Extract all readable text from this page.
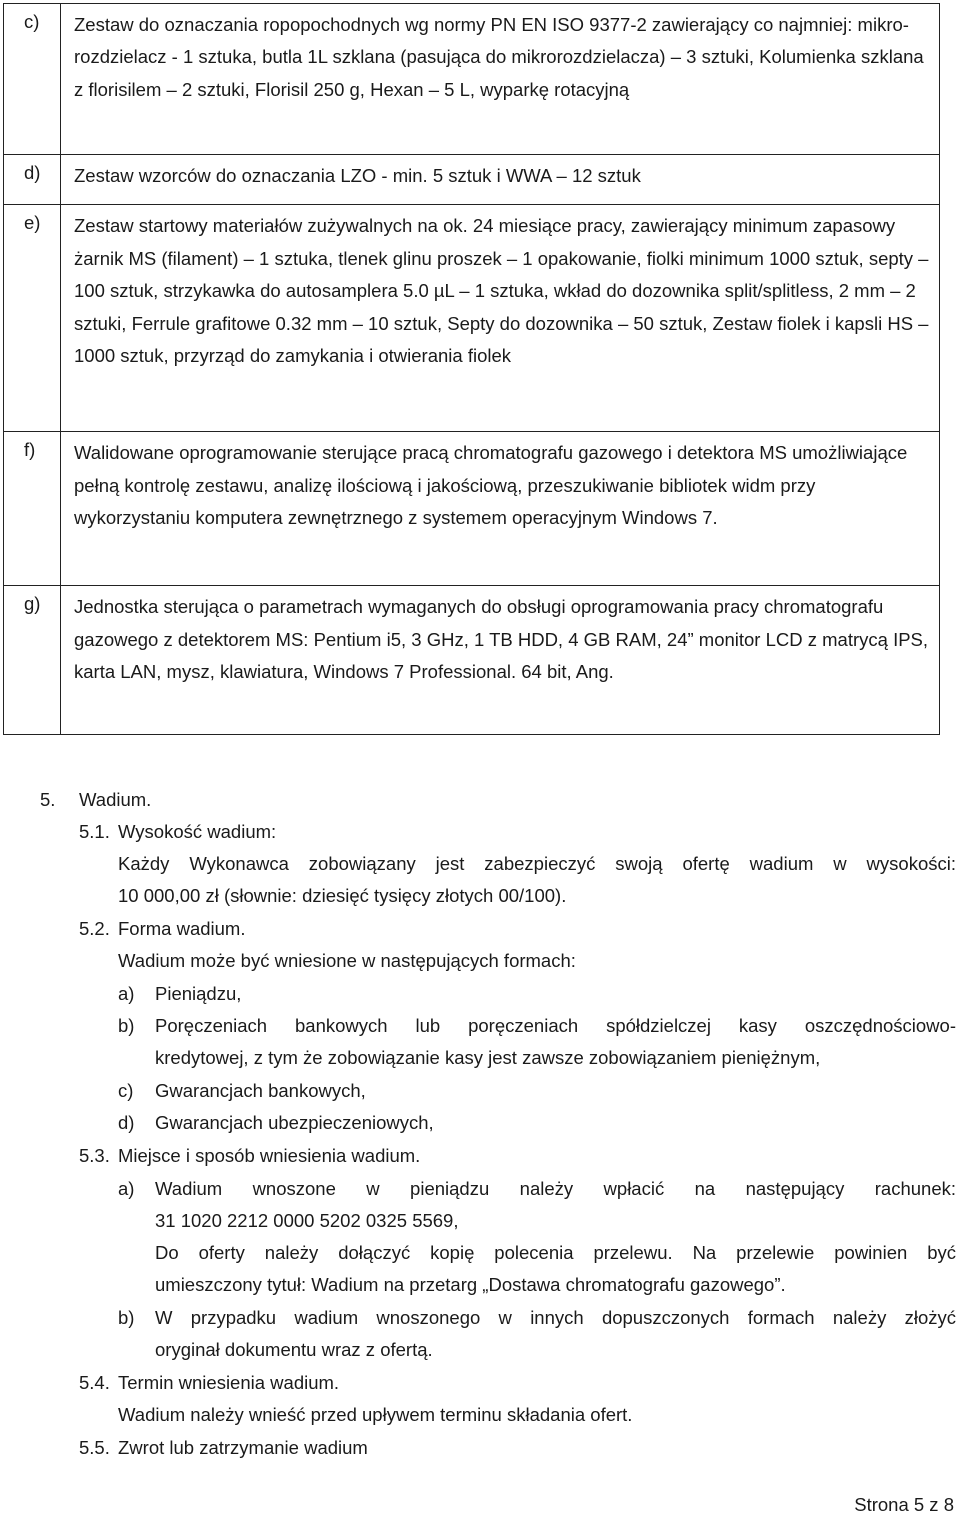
c)	Zestaw do oznaczania ropopochodnych wg normy PN EN ISO 9377-2 zawierający co najmniej: mikro-rozdzielacz - 1 sztuka, butla 1L szklana (pasująca do mikrorozdzielacza) – 3 sztuki, Kolumienka szklana z florisilem – 2 sztuki, Florisil 250 g, Hexan – 5 L, wyparkę rotacyjną
d)	Zestaw wzorców do oznaczania LZO - min. 5 sztuk i WWA – 12 sztuk
e)	Zestaw startowy materiałów zużywalnych na ok. 24 miesiące pracy, zawierający minimum zapasowy żarnik MS (filament) – 1 sztuka, tlenek glinu proszek – 1 opakowanie, fiolki minimum 1000 sztuk, septy – 100 sztuk, strzykawka do autosamplera 5.0 µL – 1 sztuka, wkład do dozownika split/splitless, 2 mm – 2 sztuki, Ferrule grafitowe 0.32 mm – 10 sztuk, Septy do dozownika – 50 sztuk, Zestaw fiolek i kapsli HS – 1000 sztuk, przyrząd do zamykania i otwierania fiolek
f)	Walidowane oprogramowanie sterujące pracą chromatografu gazowego i detektora MS umożliwiające pełną kontrolę zestawu, analizę ilościową i jakościową, przeszukiwanie bibliotek widm przy wykorzystaniu komputera zewnętrznego z systemem operacyjnym Windows 7.
g)	Jednostka sterująca o parametrach wymaganych do obsługi oprogramowania pracy chromatografu gazowego z detektorem MS: Pentium i5, 3 GHz, 1 TB HDD, 4 GB RAM, 24” monitor LCD z matrycą IPS, karta LAN, mysz, klawiatura, Windows 7 Professional. 64 bit, Ang.
5. Wadium.
5.1. Wysokość wadium:
Każdy Wykonawca zobowiązany jest zabezpieczyć swoją ofertę wadium w wysokości:
10 000,00 zł (słownie: dziesięć tysięcy złotych 00/100).
5.2. Forma wadium.
Wadium może być wniesione w następujących formach:
a) Pieniądzu,
b) Poręczeniach bankowych lub poręczeniach spółdzielczej kasy oszczędnościowo-
kredytowej, z tym że zobowiązanie kasy jest zawsze zobowiązaniem pieniężnym,
c) Gwarancjach bankowych,
d) Gwarancjach ubezpieczeniowych,
5.3. Miejsce i sposób wniesienia wadium.
a) Wadium wnoszone w pieniądzu należy wpłacić na następujący rachunek:
31 1020 2212 0000 5202 0325 5569,
Do oferty należy dołączyć kopię polecenia przelewu. Na przelewie powinien być
umieszczony tytuł: Wadium na przetarg „Dostawa chromatografu gazowego”.
b) W przypadku wadium wnoszonego w innych dopuszczonych formach należy złożyć
oryginał dokumentu wraz z ofertą.
5.4. Termin wniesienia wadium.
Wadium należy wnieść przed upływem terminu składania ofert.
5.5. Zwrot lub zatrzymanie wadium
Strona 5 z 8
